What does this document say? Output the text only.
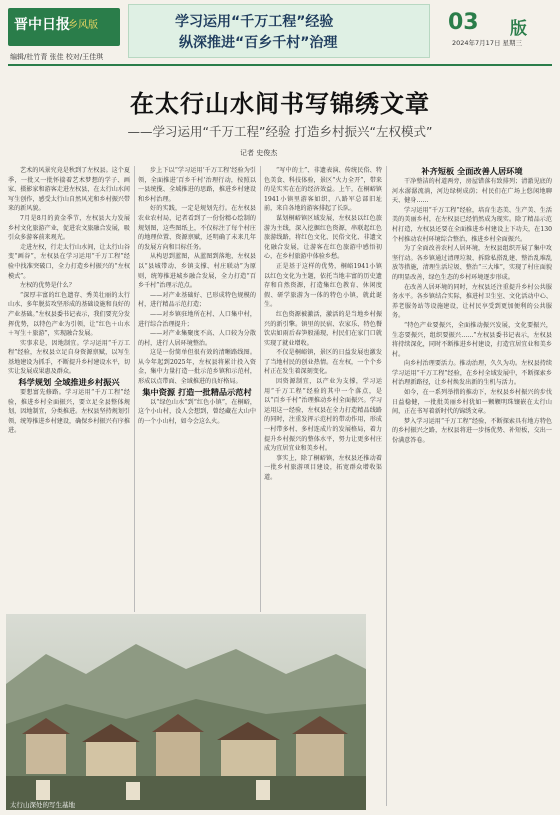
晋中日报
乡风版
编辑/杜竹青 张佳 校对/王佳琪
学习运用“千万工程”经验
纵深推进“百乡千村”治理
03 版
2024年7月17日 星期三
在太行山水间书写锦绣文章
——学习运用“千万工程”经验 打造乡村振兴“左权模式”
记者 史俊杰

艺术的风景究竟是秋到了左权县。这个夏季，一批又一批怀揣着艺术梦想的学子、画家、摄影家和游客走进左权县，在太行山水间写生创作，感受太行山自然风光和乡村振兴带来的新风貌。

7月是8月的黄金季节，左权县大力发展乡村文化旅游产业，促进农文旅融合发展，吸引众多游客前来观光。

走进左权，行走太行山水间，让太行山谷变“画谷”，左权县在学习运用“千万工程”经验中找准突破口，全力打造乡村振兴的“左权模式”。

左权的优势是什么？

“深厚丰富的红色遗存、秀美壮丽的太行山水、多年脱贫攻坚形成的基础设施和良好的产业基础。”左权县委书记表示，我们要充分发挥优势，以特色产业为引领，让“红色＋山水＋写生＋旅游”，实现融合发展。

实事求是，因地制宜。学习运用“千万工程”经验，左权县立足自身资源禀赋，以写生基地建设为抓手，不断提升乡村建设水平，切实让发展成果惠及群众。

科学规划 全域推进乡村振兴

要想富先修路。学习运用“千万工程”经验，推进乡村全面振兴，要立足全县整体规划，因地制宜，分类推进。左权县坚持规划引领，统筹推进乡村建设，确保乡村振兴有序推进。

步上下以“学习运用‘千万工程’经验为引领，全面推进‘百乡千村’治理行动，按照以一县统揽、全域推进的思路，推进乡村建设和乡村治理。

好的实践，一定是规划先行。在左权县农业农村局，记者看到了一份份精心绘制的规划图，这些图纸上，不仅标注了每个村庄的地理位置、资源禀赋，还明确了未来几年的发展方向和目标任务。

从构思到蓝图，从蓝图到落地，左权县以“县城带动、乡镇支撑、村庄联动”为原则，统筹推进城乡融合发展，全力打造“百乡千村”治理示范点。

——对产业基础好、已形成特色规模的村，进行精品示范打造；

——对乡镇驻地所在村、人口集中村，进行综合治理提升；

——对产业集聚度不高、人口较为分散的村，进行人居环境整治。

这是一份简单但很有效的清晰路线图。从今年起到2025年，左权县将累计投入资金，集中力量打造一批示范乡镇和示范村，形成以点带面、全域推进的良好格局。

集中资源 打造一批精品示范村

以“绿色山水”到“红色小镇”，在桐峪，这个小山村，没人会想到，曾经藏在大山中的一个小山村，如今会这么火。

“写中的土”、非遗表演、传统民俗、特色美食、科技体验，景区“火力全开”，带来的是实实在在的经济效益。上午，在桐峪镇1941小镇里游客如织，八路军总部旧址前，来自各地的游客排起了长队。

谋划桐峪镇区域发展，左权县以红色旅游为主线，深入挖掘红色资源，串联起红色旅游线路，将红色文化、民俗文化、非遗文化融合发展，让游客在红色旅游中感悟初心，在乡村旅游中体验乡愁。

正是基于这样的优势，桐峪1941小镇以红色文化为主题，依托当地丰富的历史遗存和自然资源，打造集红色教育、休闲度假、研学旅游为一体的特色小镇，就此诞生。

红色资源被激活，激活的是当地乡村振兴的新引擎。镇里的民宿、农家乐、特色餐饮店如雨后春笋般涌现，村民们在家门口就实现了就业增收。

不仅是桐峪镇，景区的日益发展也激发了当地村民的创业热情。在左权，一个个乡村正在发生着深刻变化。

因资源制宜，以产业为支撑，学习运用“千万工程”经验的其中一个落点，是以“百乡千村”治理推动乡村全面振兴。学习运用这一经验，左权县在全力打造精品线路的同时，注重发挥示范村的带动作用，形成一村带多村、多村连成片的发展格局，着力提升乡村振兴的整体水平，努力让更多村庄成为宜居宜业和美乡村。

事实上，除了桐峪镇，左权县还推动着一批乡村旅游项目建设，拓宽群众增收渠道。

补齐短板 全面改善人居环境

干净整洁的村道两旁，房屋错落有致排列；清澈见底的河水潺潺流淌，河边绿树成荫；村民们在广场上悠闲地聊天、健身……

学习运用“千万工程”经验，培育生态美、生产美、生活美的美丽乡村，在左权县已经悄然成为现实。除了精品示范村打造，左权县还要在全面推进乡村建设上下功夫，在130个村推动农村环境综合整治，推进乡村全面振兴。

为了全面改善农村人居环境，左权县组织开展了集中攻坚行动。各乡镇通过清理垃圾、拆除私搭乱建、整治乱堆乱放等措施，清理生活垃圾、整治“三大堆”，实现了村庄面貌的明显改善，绿色生态的乡村环境逐步形成。

在改善人居环境的同时，左权县还注重提升乡村公共服务水平。各乡镇结合实际，推进村卫生室、文化活动中心、养老服务站等设施建设，让村民享受到更加便利的公共服务。

“特色产业要振兴，全面推动振兴发展，文化要振兴，生态要振兴，组织要振兴……”左权县委书记表示，左权县将持续深化，同时不断推进乡村建设，打造宜居宜业和美乡村。

向乡村治理要活力。推动治理，久久为功。左权县持续学习运用“千万工程”经验，在乡村全域发展中，不断探索乡村治理新路径，让乡村焕发出新的生机与活力。

如今，在一系列举措的推动下，左权县乡村振兴的步伐日益稳健，一批批美丽乡村犹如一颗颗明珠镶嵌在太行山间，正在书写着新时代的锦绣文章。

梦入学习运用“千万工程”经验，不断探索具有地方特色的乡村振兴之路，左权县将进一步扬优势、补短板，交出一份满意答卷。

太行山深处的写生基地
